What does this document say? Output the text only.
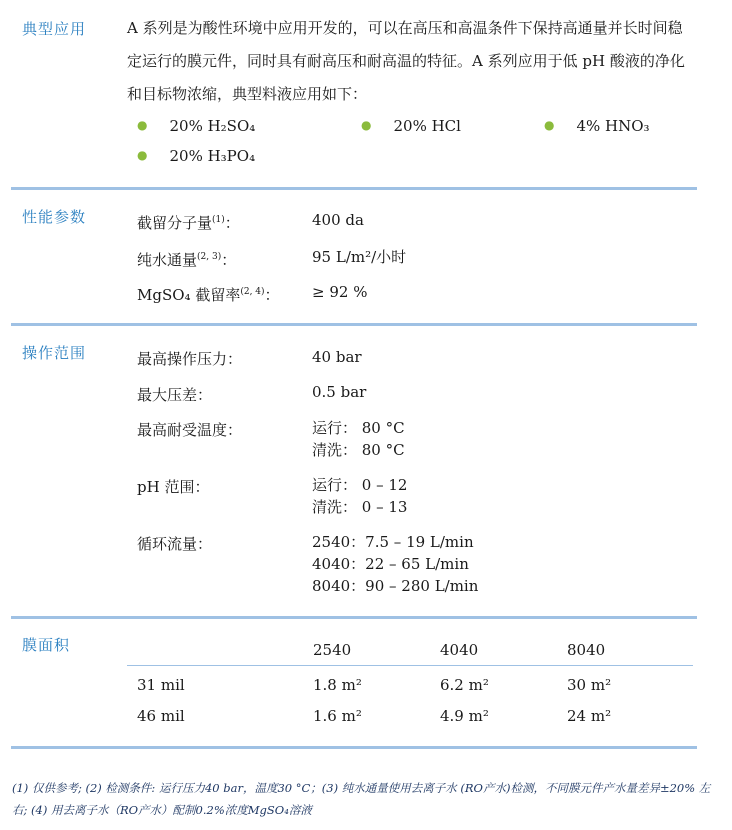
典型应用	A 系列是为酸性环境中应用开发的，可以在高压和高温条件下保持高通量并长时间稳定运行的膜元件，同时具有耐高压和耐高温的特征。A 系列应用于低 pH 酸液的净化和目标物浓缩，典型料液应用如下：
● 20% H₂SO₄	● 20% HCl	● 4% HNO₃
● 20% H₃PO₄
性能参数	截留分子量$^{(1)}$：	400 da
纯水通量$^{(2, 3)}$：	95 L/m²/小时
MgSO₄ 截留率$^{(2, 4)}$： ≥ 92 %
操作范围	最高操作压力：	40 bar
最大压差：	0.5 bar
最高耐受温度：	运行： 80 °C
清洗： 80 °C
pH 范围：	运行： 0 – 12
清洗： 0 – 13
循环流量：	2540：7.5 – 19 L/min
4040：22 – 65 L/min
8040：90 – 280 L/min
膜面积	2540	4040	8040
31 mil	1.8 m²	6.2 m²	30 m²
46 mil	1.6 m²	4.9 m²	24 m²
(1) 仅供参考; (2) 检测条件: 运行压力40 bar，温度30 °C；(3) 纯水通量使用去离子水 (RO产水)检测，不同膜元件产水量差异±20% 左右; (4) 用去离子水（RO产水）配制0.2%浓度MgSO₄溶液
